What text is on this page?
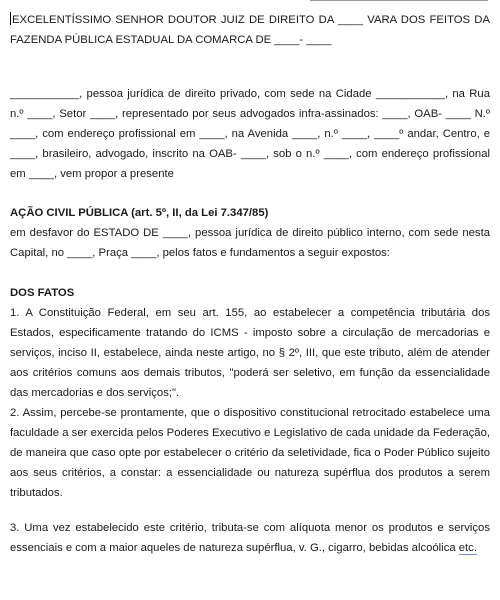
EXCELENTÍSSIMO SENHOR DOUTOR JUIZ DE DIREITO DA ____ VARA DOS FEITOS DA FAZENDA PÚBLICA ESTADUAL DA COMARCA DE ____- ____

___________, pessoa jurídica de direito privado, com sede na Cidade ___________, na Rua n.º ____, Setor ____, representado por seus advogados infra-assinados: ____, OAB- ____ N.º ____, com endereço profissional em ____, na Avenida ____, n.º ____, ____º andar, Centro, e ____, brasileiro, advogado, inscrito na OAB- ____, sob o n.º ____, com endereço profissional em ____, vem propor a presente

AÇÃO CIVIL PÚBLICA (art. 5º, II, da Lei 7.347/85)

em desfavor do ESTADO DE ____, pessoa jurídica de direito público interno, com sede nesta Capital, no ____, Praça ____, pelos fatos e fundamentos a seguir expostos:

DOS FATOS

1. A Constituição Federal, em seu art. 155, ao estabelecer a competência tributária dos Estados, especificamente tratando do ICMS - imposto sobre a circulação de mercadorias e serviços, inciso II, estabelece, ainda neste artigo, no § 2º, III, que este tributo, além de atender aos critérios comuns aos demais tributos, "poderá ser seletivo, em função da essencialidade das mercadorias e dos serviços;".

2. Assim, percebe-se prontamente, que o dispositivo constitucional retrocitado estabelece uma faculdade a ser exercida pelos Poderes Executivo e Legislativo de cada unidade da Federação, de maneira que caso opte por estabelecer o critério da seletividade, fica o Poder Público sujeito aos seus critérios, a constar: a essencialidade ou natureza supérflua dos produtos a serem tributados.

3. Uma vez estabelecido este critério, tributa-se com alíquota menor os produtos e serviços essenciais e com a maior aqueles de natureza supérflua, v. G., cigarro, bebidas alcoólica etc.
